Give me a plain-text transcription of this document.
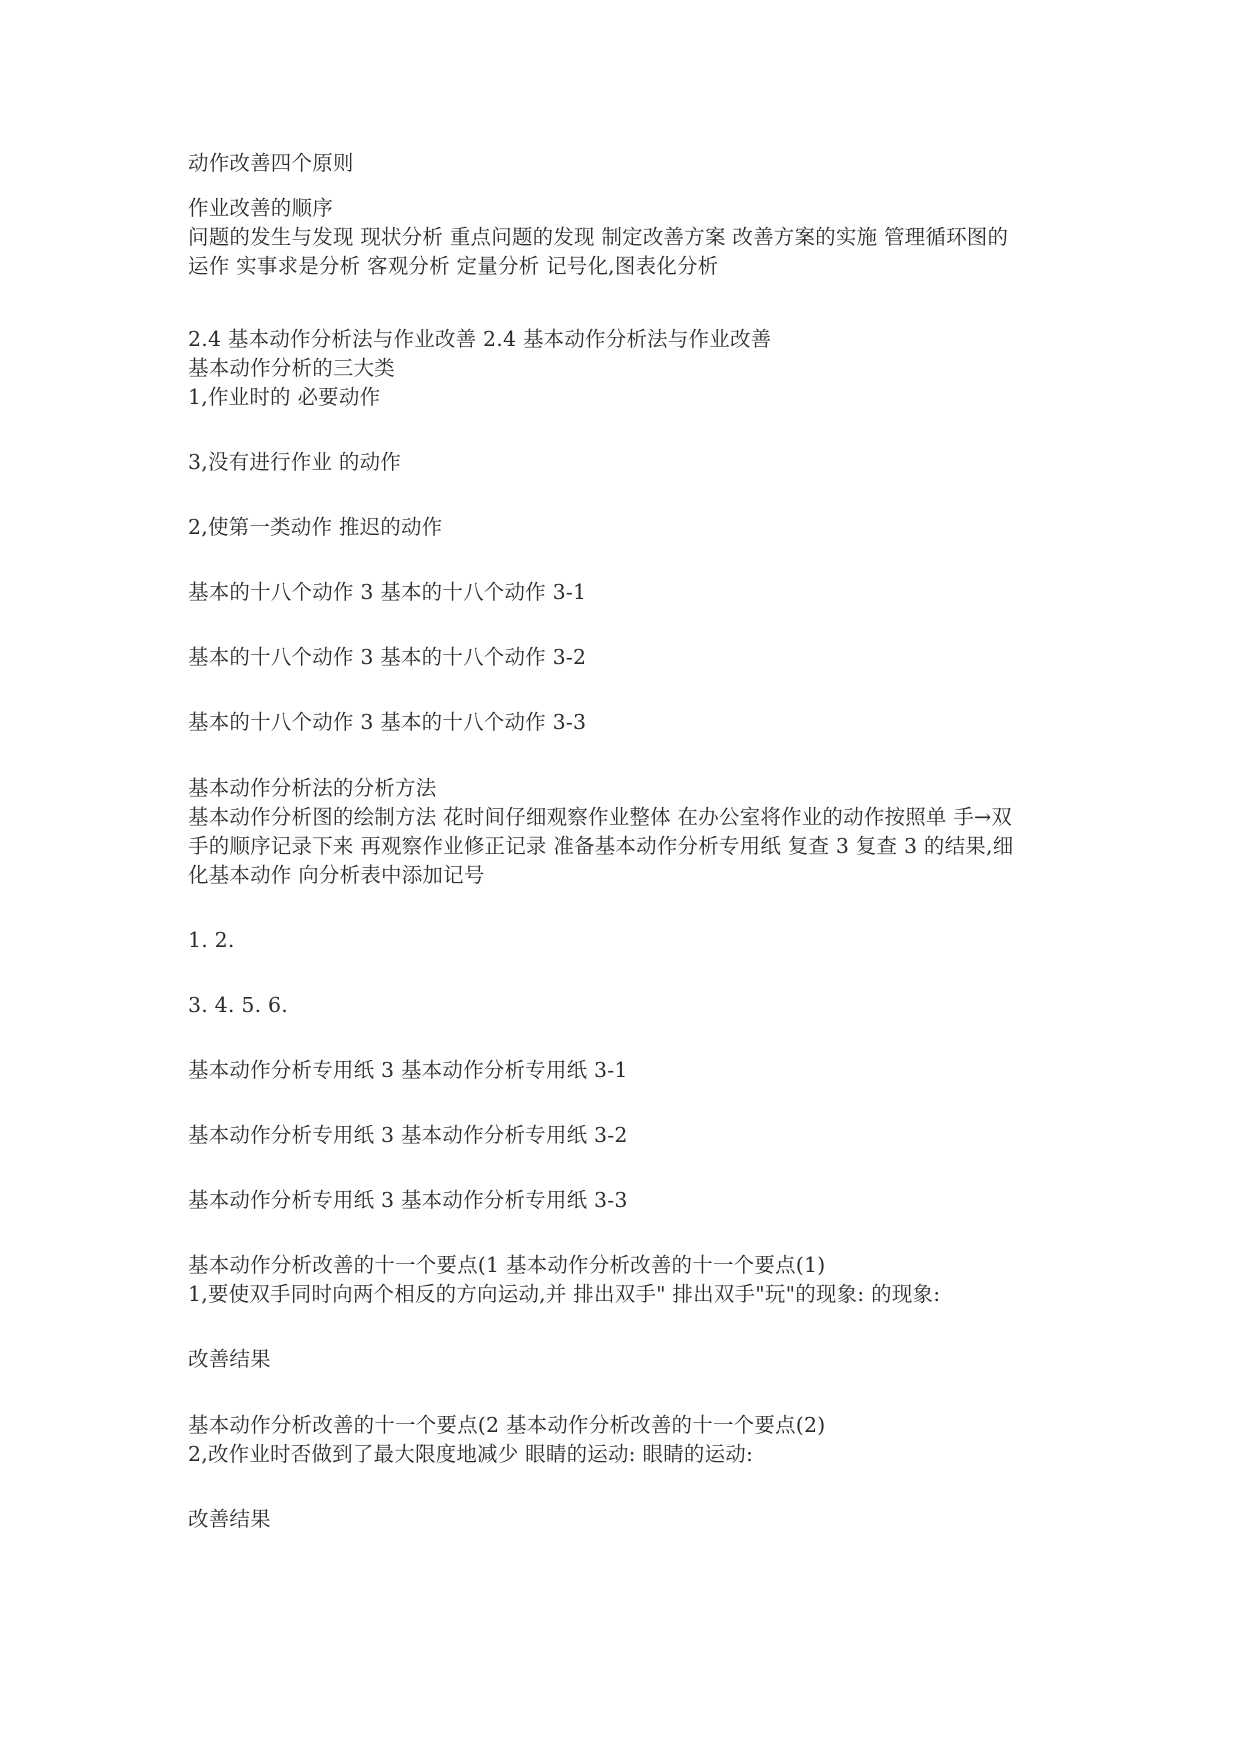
动作改善四个原则

作业改善的顺序

问题的发生与发现 现状分析 重点问题的发现 制定改善方案 改善方案的实施 管理循环图的

运作 实事求是分析 客观分析 定量分析 记号化,图表化分析

2.4 基本动作分析法与作业改善 2.4 基本动作分析法与作业改善

基本动作分析的三大类

1,作业时的 必要动作

3,没有进行作业 的动作

2,使第一类动作 推迟的动作

基本的十八个动作 3 基本的十八个动作 3-1

基本的十八个动作 3 基本的十八个动作 3-2

基本的十八个动作 3 基本的十八个动作 3-3

基本动作分析法的分析方法

基本动作分析图的绘制方法 花时间仔细观察作业整体 在办公室将作业的动作按照单 手→双

手的顺序记录下来 再观察作业修正记录 准备基本动作分析专用纸 复查 3 复查 3 的结果,细

化基本动作 向分析表中添加记号

1. 2.

3. 4. 5. 6.

基本动作分析专用纸 3 基本动作分析专用纸 3-1

基本动作分析专用纸 3 基本动作分析专用纸 3-2

基本动作分析专用纸 3 基本动作分析专用纸 3-3

基本动作分析改善的十一个要点(1 基本动作分析改善的十一个要点(1)

1,要使双手同时向两个相反的方向运动,并 排出双手" 排出双手"玩"的现象: 的现象:

改善结果

基本动作分析改善的十一个要点(2 基本动作分析改善的十一个要点(2)

2,改作业时否做到了最大限度地减少 眼睛的运动: 眼睛的运动:

改善结果
